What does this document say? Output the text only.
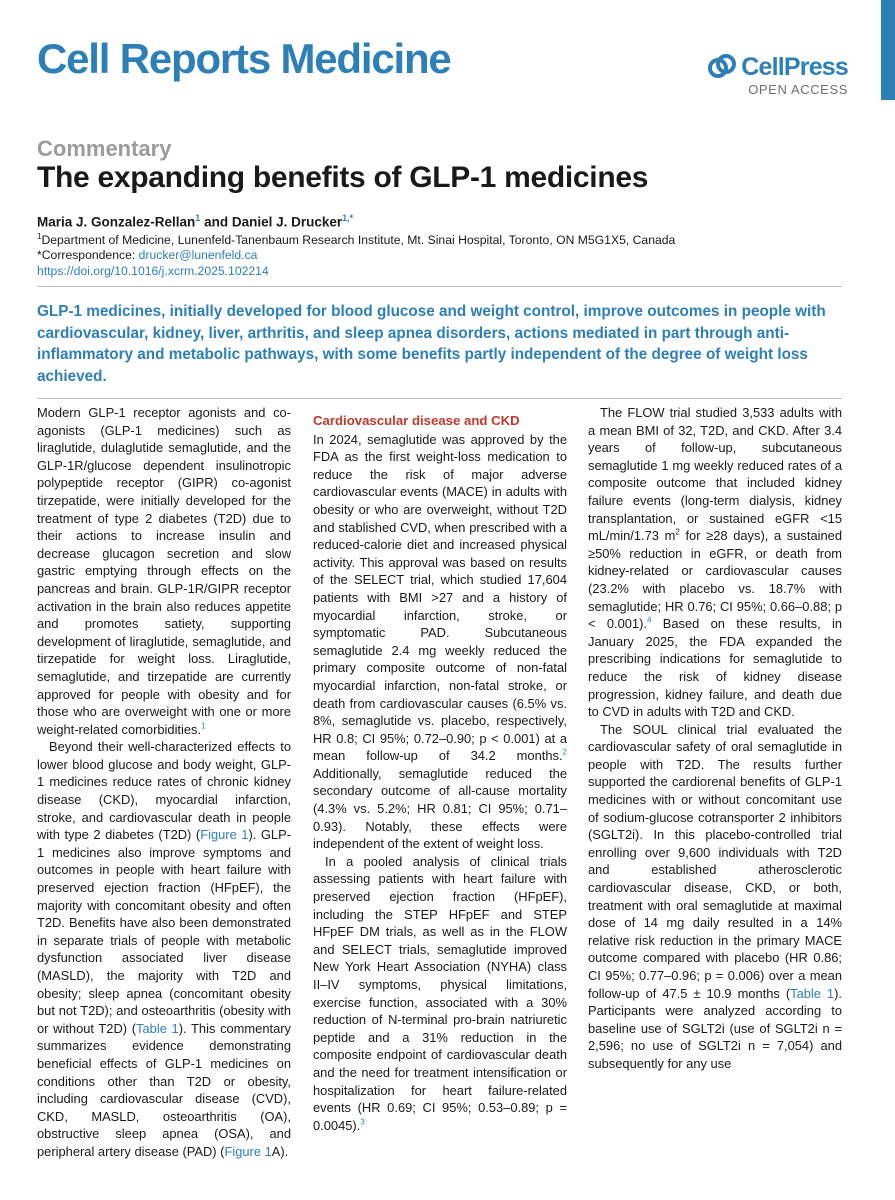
Cell Reports Medicine	CellPress
OPEN ACCESS
Commentary
The expanding benefits of GLP-1 medicines
Maria J. Gonzalez-Rellan$^1$ and Daniel J. Drucker$^{1,*}$
$^1$Department of Medicine, Lunenfeld-Tanenbaum Research Institute, Mt. Sinai Hospital, Toronto, ON M5G1X5, Canada
*Correspondence: drucker@lunenfeld.ca
https://doi.org/10.1016/j.xcrm.2025.102214
GLP-1 medicines, initially developed for blood glucose and weight control, improve outcomes in people with cardiovascular, kidney, liver, arthritis, and sleep apnea disorders, actions mediated in part through anti-inflammatory and metabolic pathways, with some benefits partly independent of the degree of weight loss achieved.

Modern GLP-1 receptor agonists and co-agonists (GLP-1 medicines) such as liraglutide, dulaglutide semaglutide, and the GLP-1R/glucose dependent insulinotropic polypeptide receptor (GIPR) co-agonist tirzepatide, were initially developed for the treatment of type 2 diabetes (T2D) due to their actions to increase insulin and decrease glucagon secretion and slow gastric emptying through effects on the pancreas and brain. GLP-1R/GIPR receptor activation in the brain also reduces appetite and promotes satiety, supporting development of liraglutide, semaglutide, and tirzepatide for weight loss. Liraglutide, semaglutide, and tirzepatide are currently approved for people with obesity and for those who are overweight with one or more weight-related comorbidities.$^1$

Beyond their well-characterized effects to lower blood glucose and body weight, GLP-1 medicines reduce rates of chronic kidney disease (CKD), myocardial infarction, stroke, and cardiovascular death in people with type 2 diabetes (T2D) (Figure 1). GLP-1 medicines also improve symptoms and outcomes in people with heart failure with preserved ejection fraction (HFpEF), the majority with concomitant obesity and often T2D. Benefits have also been demonstrated in separate trials of people with metabolic dysfunction associated liver disease (MASLD), the majority with T2D and obesity; sleep apnea (concomitant obesity but not T2D); and osteoarthritis (obesity with or without T2D) (Table 1). This commentary summarizes evidence demonstrating beneficial effects of GLP-1 medicines on conditions other than T2D or obesity, including cardiovascular disease (CVD), CKD, MASLD, osteoarthritis (OA), obstructive sleep apnea (OSA), and peripheral artery disease (PAD) (Figure 1A).

Cardiovascular disease and CKD

In 2024, semaglutide was approved by the FDA as the first weight-loss medication to reduce the risk of major adverse cardiovascular events (MACE) in adults with obesity or who are overweight, without T2D and stablished CVD, when prescribed with a reduced-calorie diet and increased physical activity. This approval was based on results of the SELECT trial, which studied 17,604 patients with BMI >27 and a history of myocardial infarction, stroke, or symptomatic PAD. Subcutaneous semaglutide 2.4 mg weekly reduced the primary composite outcome of non-fatal myocardial infarction, non-fatal stroke, or death from cardiovascular causes (6.5% vs. 8%, semaglutide vs. placebo, respectively, HR 0.8; CI 95%; 0.72–0.90; p < 0.001) at a mean follow-up of 34.2 months.$^2$ Additionally, semaglutide reduced the secondary outcome of all-cause mortality (4.3% vs. 5.2%; HR 0.81; CI 95%; 0.71–0.93). Notably, these effects were independent of the extent of weight loss.

In a pooled analysis of clinical trials assessing patients with heart failure with preserved ejection fraction (HFpEF), including the STEP HFpEF and STEP HFpEF DM trials, as well as in the FLOW and SELECT trials, semaglutide improved New York Heart Association (NYHA) class II–IV symptoms, physical limitations, exercise function, associated with a 30% reduction of N-terminal pro-brain natriuretic peptide and a 31% reduction in the composite endpoint of cardiovascular death and the need for treatment intensification or hospitalization for heart failure-related events (HR 0.69; CI 95%; 0.53–0.89; p = 0.0045).$^3$

The FLOW trial studied 3,533 adults with a mean BMI of 32, T2D, and CKD. After 3.4 years of follow-up, subcutaneous semaglutide 1 mg weekly reduced rates of a composite outcome that included kidney failure events (long-term dialysis, kidney transplantation, or sustained eGFR <15 mL/min/1.73 $m^2$ for ≥28 days), a sustained ≥50% reduction in eGFR, or death from kidney-related or cardiovascular causes (23.2% with placebo vs. 18.7% with semaglutide; HR 0.76; CI 95%; 0.66–0.88; p < 0.001).$^4$ Based on these results, in January 2025, the FDA expanded the prescribing indications for semaglutide to reduce the risk of kidney disease progression, kidney failure, and death due to CVD in adults with T2D and CKD.

The SOUL clinical trial evaluated the cardiovascular safety of oral semaglutide in people with T2D. The results further supported the cardiorenal benefits of GLP-1 medicines with or without concomitant use of sodium-glucose cotransporter 2 inhibitors (SGLT2i). In this placebo-controlled trial enrolling over 9,600 individuals with T2D and established atherosclerotic cardiovascular disease, CKD, or both, treatment with oral semaglutide at maximal dose of 14 mg daily resulted in a 14% relative risk reduction in the primary MACE outcome compared with placebo (HR 0.86; CI 95%; 0.77–0.96; p = 0.006) over a mean follow-up of 47.5 ± 10.9 months (Table 1). Participants were analyzed according to baseline use of SGLT2i (use of SGLT2i n = 2,596; no use of SGLT2i n = 7,054) and subsequently for any use
